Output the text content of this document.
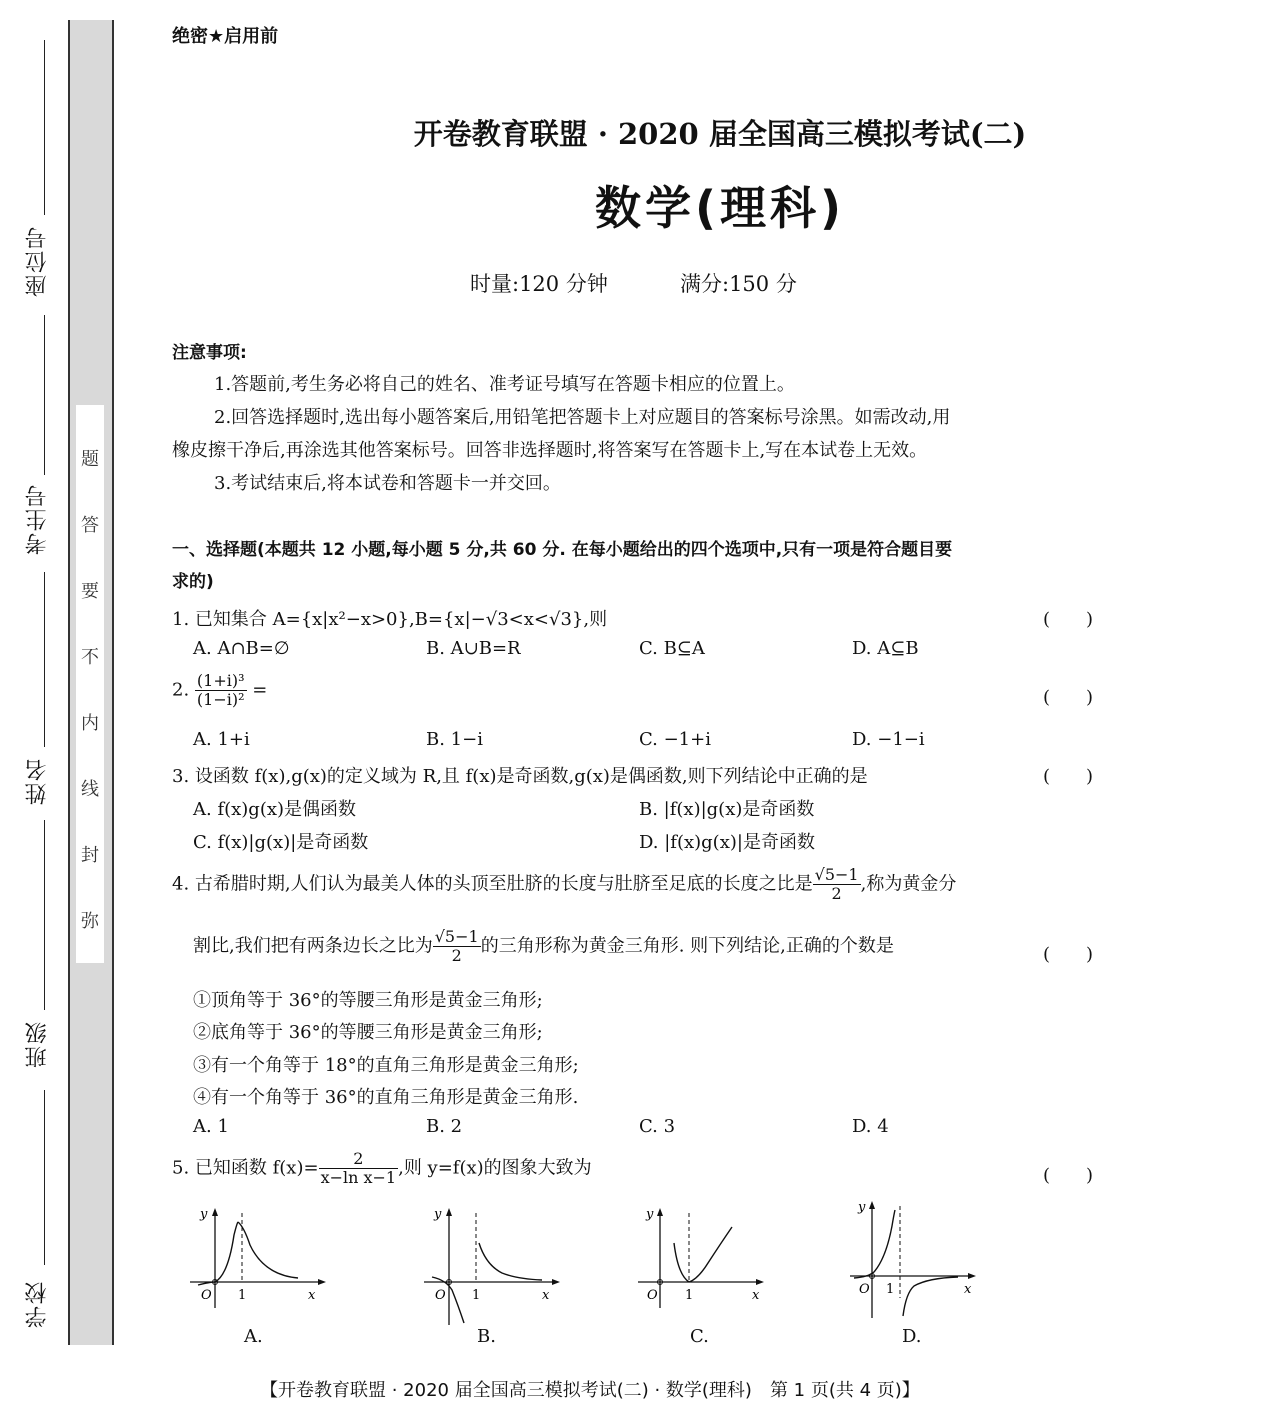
座位号
考生号
姓名
班级
学校
题
答
要
不
内
线
封
弥
绝密★启用前
开卷教育联盟 · 2020 届全国高三模拟考试(二)
数学(理科)
时量:120 分钟	满分:150 分
注意事项:
1.答题前,考生务必将自己的姓名、准考证号填写在答题卡相应的位置上。
2.回答选择题时,选出每小题答案后,用铅笔把答题卡上对应题目的答案标号涂黑。如需改动,用
橡皮擦干净后,再涂选其他答案标号。回答非选择题时,将答案写在答题卡上,写在本试卷上无效。
3.考试结束后,将本试卷和答题卡一并交回。
一、选择题(本题共 12 小题,每小题 5 分,共 60 分. 在每小题给出的四个选项中,只有一项是符合题目要
求的)
1. 已知集合 A={x|x²−x>0},B={x|−√3<x<√3},则	(　　)
A. A∩B=∅	B. A∪B=R	C. B⊆A	D. A⊆B
2. $\frac{\text{(1+i)³}}{\text{(1−i)²}}$ =	(　　)
A. 1+i	B. 1−i	C. −1+i	D. −1−i
3. 设函数 f(x),g(x)的定义域为 R,且 f(x)是奇函数,g(x)是偶函数,则下列结论中正确的是	(　　)
A. f(x)g(x)是偶函数	B. |f(x)|g(x)是奇函数
C. f(x)|g(x)|是奇函数	D. |f(x)g(x)|是奇函数
4. 古希腊时期,人们认为最美人体的头顶至肚脐的长度与肚脐至足底的长度之比是 $\frac{√5-1}{2}$ ,称为黄金分
割比,我们把有两条边长之比为 $\frac{√5-1}{2}$ 的三角形称为黄金三角形. 则下列结论,正确的个数是	(　　)
①顶角等于 36°的等腰三角形是黄金三角形;
②底角等于 36°的等腰三角形是黄金三角形;
③有一个角等于 18°的直角三角形是黄金三角形;
④有一个角等于 36°的直角三角形是黄金三角形.
A. 1	B. 2	C. 3	D. 4
5. 已知函数 $f(x)= \frac{2}{\text{x−ln x−1}}$ ,则 y=f(x)的图象大致为	(　　)
y
x
O 1
A.
y
x
O 1
B.
y
x
O 1
C.
y
x
O 1
D.
【开卷教育联盟 · 2020 届全国高三模拟考试(二) · 数学(理科)　第 1 页(共 4 页)】
